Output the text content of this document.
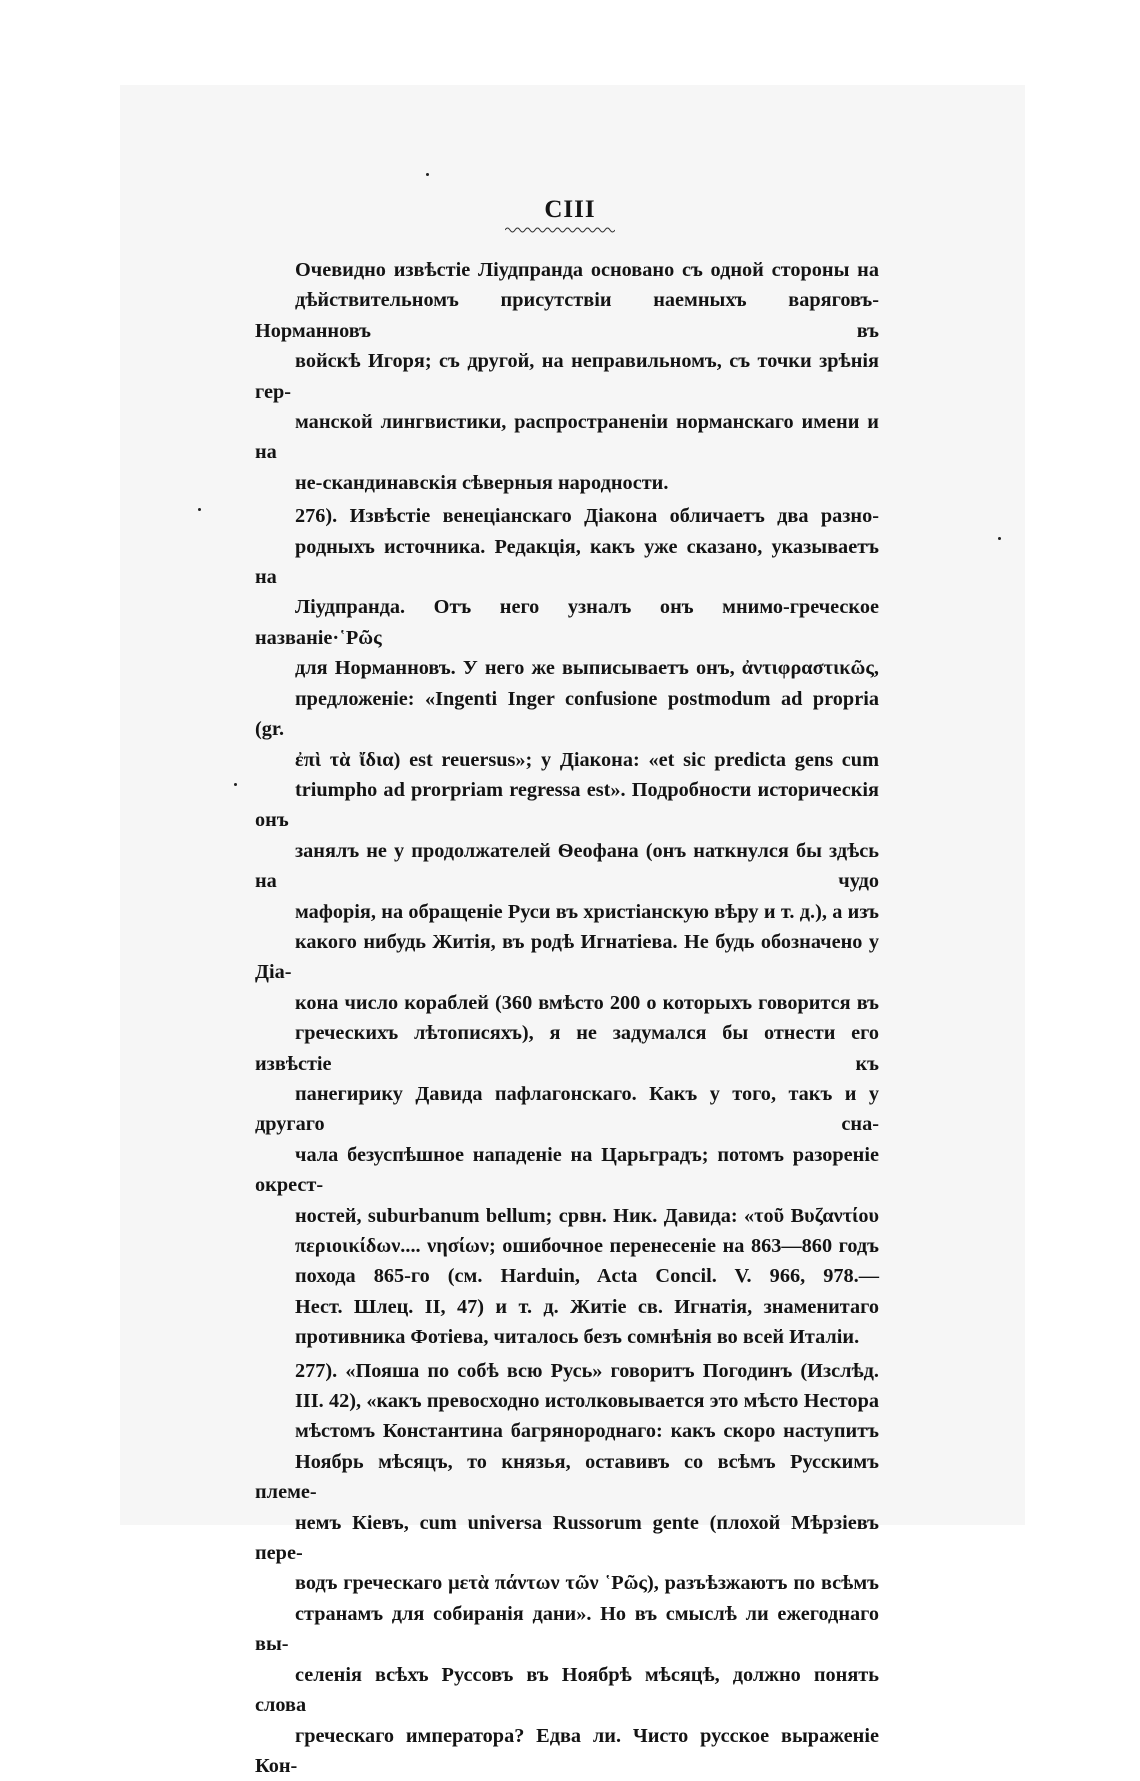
CIII

Очевидно извѣстіе Ліудпранда основано съ одной стороны на
дѣйствительномъ присутствіи наемныхъ варяговъ-Норманновъ въ
войскѣ Игоря; съ другой, на неправильномъ, съ точки зрѣнія гер-
манской лингвистики, распространеніи норманскаго имени и на
не-скандинавскія сѣверныя народности.

276). Извѣстіе венеціанскаго Діакона обличаетъ два разно-
родныхъ источника. Редакція, какъ уже сказано, указываетъ на
Ліудпранда. Отъ него узналъ онъ мнимо-греческое названіе·῾Ρῶς
для Норманновъ. У него же выписываетъ онъ, ἀντιφραστικῶς,
предложеніе: «Ingenti Inger confusione postmodum ad propria (gr.
ἐπὶ τὰ ἴδια) est reuersus»; у Діакона: «et sic predicta gens cum
triumpho ad prorpriam regressa est». Подробности историческія онъ
занялъ не у продолжателей Ѳеофана (онъ наткнулся бы здѣсь на чудо
мафорія, на обращеніе Руси въ христіанскую вѣру и т. д.), а изъ
какого нибудь Житія, въ родѣ Игнатіева. Не будь обозначено у Діа-
кона число кораблей (360 вмѣсто 200 о которыхъ говорится въ
греческихъ лѣтописяхъ), я не задумался бы отнести его извѣстіе къ
панегирику Давида пафлагонскаго. Какъ у того, такъ и у другаго сна-
чала безуспѣшное нападеніе на Царьградъ; потомъ разореніе окрест-
ностей, suburbanum bellum; срвн. Ник. Давида: «τοῦ Βυζαντίου
περιοικίδων.... νησίων; ошибочное перенесеніе на 863—860 годъ
похода 865-го (см. Harduin, Acta Concil. V. 966, 978.—
Нест. Шлец. II, 47) и т. д. Житіе св. Игнатія, знаменитаго
противника Фотіева, читалось безъ сомнѣнія во всей Италіи.

277). «Пояша по собѣ всю Русь» говоритъ Погодинъ (Изслѣд.
III. 42), «какъ превосходно истолковывается это мѣсто Нестора
мѣстомъ Константина багрянороднаго: какъ скоро наступитъ
Ноябрь мѣсяцъ, то князья, оставивъ со всѣмъ Русскимъ племе-
немъ Кіевъ, cum universa Russorum gente (плохой Мѣрзіевъ пере-
водъ греческаго μετὰ πάντων τῶν ῾Ρῶς), разъѣзжаютъ по всѣмъ
странамъ для собиранія дани». Но въ смыслѣ ли ежегоднаго вы-
селенія всѣхъ Руссовъ въ Ноябрѣ мѣсяцѣ, должно понять слова
греческаго императора? Едва ли. Чисто русское выраженіе Кон-
